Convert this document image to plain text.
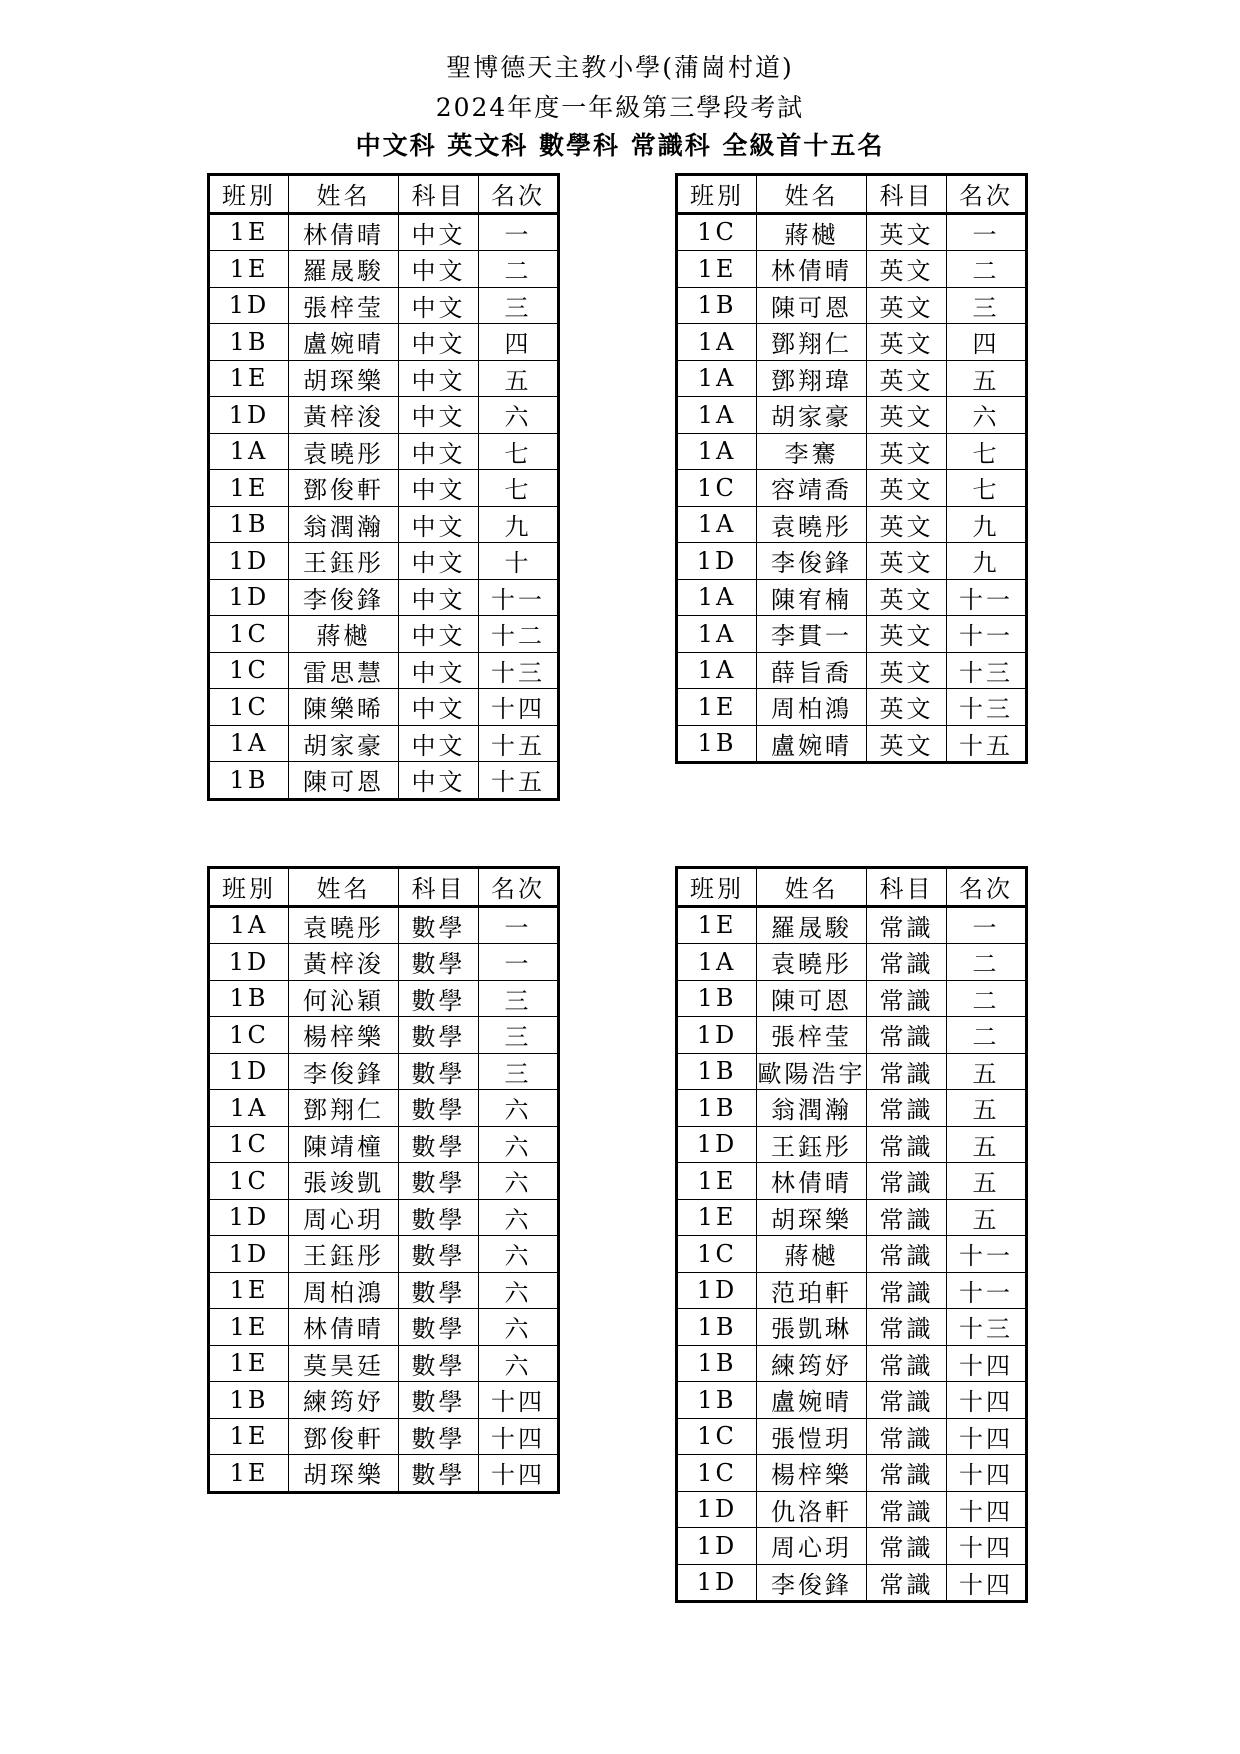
聖博德天主教小學(蒲崗村道)
2024年度一年級第三學段考試
中文科 英文科 數學科 常識科 全級首十五名
班別	姓名	科目	名次
1E	林倩晴	中文	一
1E	羅晟駿	中文	二
1D	張梓莹	中文	三
1B	盧婉晴	中文	四
1E	胡琛樂	中文	五
1D	黃梓浚	中文	六
1A	袁曉彤	中文	七
1E	鄧俊軒	中文	七
1B	翁潤瀚	中文	九
1D	王鈺彤	中文	十
1D	李俊鋒	中文	十一
1C	蔣樾	中文	十二
1C	雷思慧	中文	十三
1C	陳樂晞	中文	十四
1A	胡家豪	中文	十五
1B	陳可恩	中文	十五
班別	姓名	科目	名次
1C	蔣樾	英文	一
1E	林倩晴	英文	二
1B	陳可恩	英文	三
1A	鄧翔仁	英文	四
1A	鄧翔瑋	英文	五
1A	胡家豪	英文	六
1A	李騫	英文	七
1C	容靖喬	英文	七
1A	袁曉彤	英文	九
1D	李俊鋒	英文	九
1A	陳宥楠	英文	十一
1A	李貫一	英文	十一
1A	薛旨喬	英文	十三
1E	周柏鴻	英文	十三
1B	盧婉晴	英文	十五
班別	姓名	科目	名次
1A	袁曉彤	數學	一
1D	黃梓浚	數學	一
1B	何沁穎	數學	三
1C	楊梓樂	數學	三
1D	李俊鋒	數學	三
1A	鄧翔仁	數學	六
1C	陳靖橦	數學	六
1C	張竣凱	數學	六
1D	周心玥	數學	六
1D	王鈺彤	數學	六
1E	周柏鴻	數學	六
1E	林倩晴	數學	六
1E	莫昊廷	數學	六
1B	練筠妤	數學	十四
1E	鄧俊軒	數學	十四
1E	胡琛樂	數學	十四
班別	姓名	科目	名次
1E	羅晟駿	常識	一
1A	袁曉彤	常識	二
1B	陳可恩	常識	二
1D	張梓莹	常識	二
1B	歐陽浩宇	常識	五
1B	翁潤瀚	常識	五
1D	王鈺彤	常識	五
1E	林倩晴	常識	五
1E	胡琛樂	常識	五
1C	蔣樾	常識	十一
1D	范珀軒	常識	十一
1B	張凱琳	常識	十三
1B	練筠妤	常識	十四
1B	盧婉晴	常識	十四
1C	張愷玥	常識	十四
1C	楊梓樂	常識	十四
1D	仇洛軒	常識	十四
1D	周心玥	常識	十四
1D	李俊鋒	常識	十四
